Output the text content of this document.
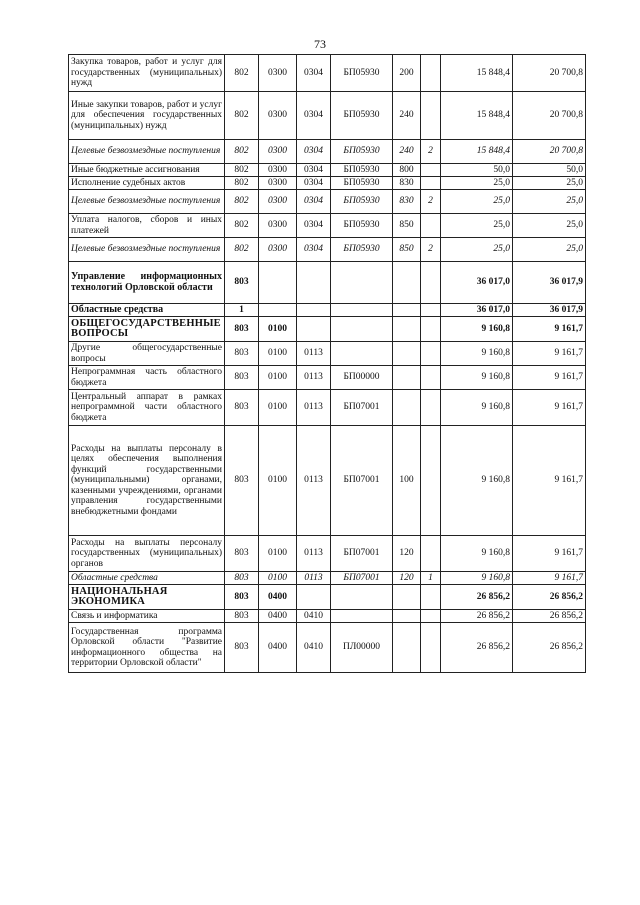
73
Закупка товаров, работ и услуг для государственных (муниципальных) нужд	802	0300	0304	БП05930	200		15 848,4	20 700,8
Иные закупки товаров, работ и услуг для обеспечения государственных (муниципальных) нужд	802	0300	0304	БП05930	240		15 848,4	20 700,8
Целевые безвозмездные поступления	802	0300	0304	БП05930	240	2	15 848,4	20 700,8
Иные бюджетные ассигнования	802	0300	0304	БП05930	800		50,0	50,0
Исполнение судебных актов	802	0300	0304	БП05930	830		25,0	25,0
Целевые безвозмездные поступления	802	0300	0304	БП05930	830	2	25,0	25,0
Уплата налогов, сборов и иных платежей	802	0300	0304	БП05930	850		25,0	25,0
Целевые безвозмездные поступления	802	0300	0304	БП05930	850	2	25,0	25,0
Управление информационных технологий Орловской области	803						36 017,0	36 017,9
Областные средства	1						36 017,0	36 017,9
ОБЩЕГОСУДАРСТВЕННЫЕ ВОПРОСЫ	803	0100					9 160,8	9 161,7
Другие общегосударственные вопросы	803	0100	0113				9 160,8	9 161,7
Непрограммная часть областного бюджета	803	0100	0113	БП00000			9 160,8	9 161,7
Центральный аппарат в рамках непрограммной части областного бюджета	803	0100	0113	БП07001			9 160,8	9 161,7
Расходы на выплаты персоналу в целях обеспечения выполнения функций государственными (муниципальными) органами, казенными учреждениями, органами управления государственными внебюджетными фондами	803	0100	0113	БП07001	100		9 160,8	9 161,7
Расходы на выплаты персоналу государственных (муниципальных) органов	803	0100	0113	БП07001	120		9 160,8	9 161,7
Областные средства	803	0100	0113	БП07001	120	1	9 160,8	9 161,7
НАЦИОНАЛЬНАЯ ЭКОНОМИКА	803	0400					26 856,2	26 856,2
Связь и информатика	803	0400	0410				26 856,2	26 856,2
Государственная программа Орловской области "Развитие информационного общества на территории Орловской области"	803	0400	0410	ПЛ00000			26 856,2	26 856,2
